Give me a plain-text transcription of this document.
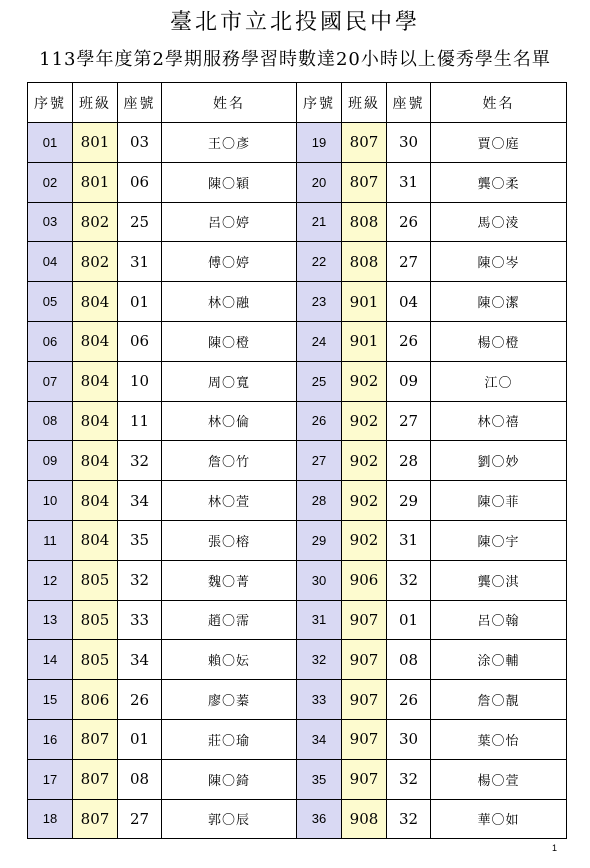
臺北市立北投國民中學
113學年度第2學期服務學習時數達20小時以上優秀學生名單
序號	班級	座號	姓名	序號	班級	座號	姓名
01	801	03	王〇彥	19	807	30	賈〇庭
02	801	06	陳〇穎	20	807	31	龔〇柔
03	802	25	呂〇婷	21	808	26	馬〇淩
04	802	31	傅〇婷	22	808	27	陳〇岑
05	804	01	林〇融	23	901	04	陳〇潔
06	804	06	陳〇橙	24	901	26	楊〇橙
07	804	10	周〇寬	25	902	09	江〇
08	804	11	林〇倫	26	902	27	林〇禧
09	804	32	詹〇竹	27	902	28	劉〇妙
10	804	34	林〇萱	28	902	29	陳〇菲
11	804	35	張〇榕	29	902	31	陳〇宇
12	805	32	魏〇菁	30	906	32	龔〇淇
13	805	33	趙〇霈	31	907	01	呂〇翰
14	805	34	賴〇妘	32	907	08	涂〇輔
15	806	26	廖〇蓁	33	907	26	詹〇靚
16	807	01	莊〇瑜	34	907	30	葉〇怡
17	807	08	陳〇錡	35	907	32	楊〇萱
18	807	27	郭〇辰	36	908	32	華〇如
1
